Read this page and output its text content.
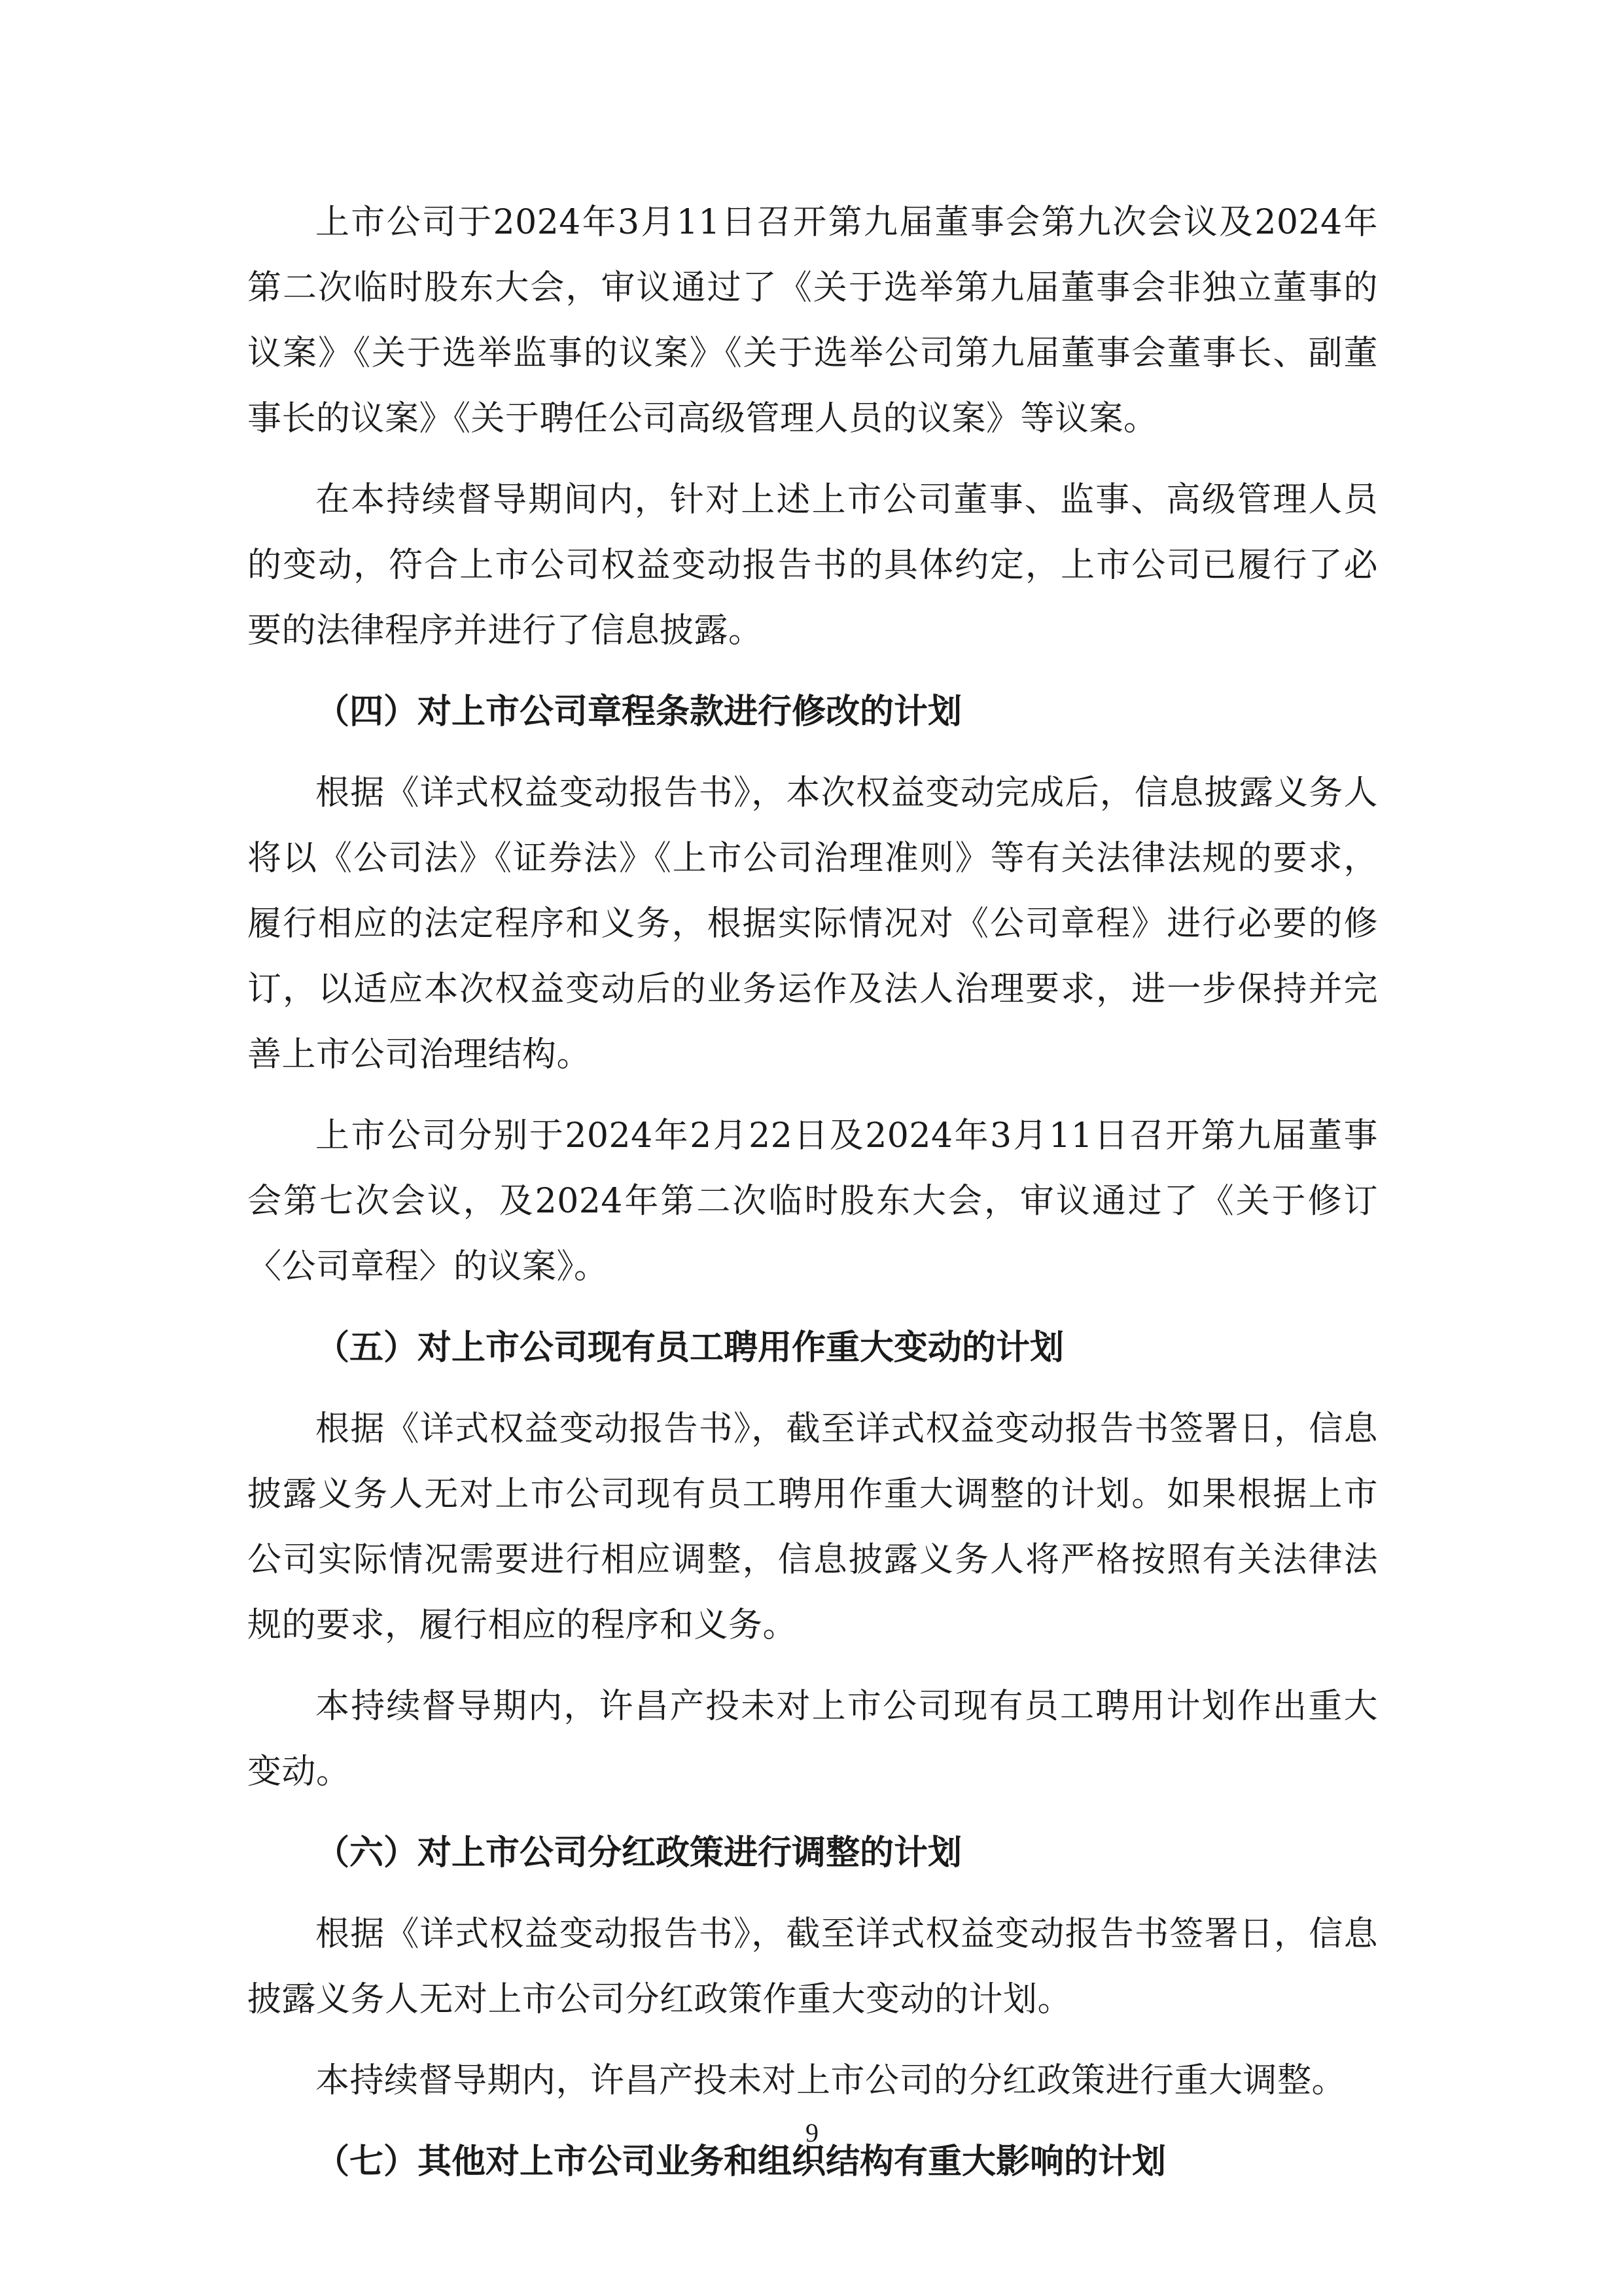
上市公司于2024年3月11日召开第九届董事会第九次会议及2024年第二次临时股东大会，审议通过了《关于选举第九届董事会非独立董事的议案》《关于选举监事的议案》《关于选举公司第九届董事会董事长、副董事长的议案》《关于聘任公司高级管理人员的议案》等议案。

在本持续督导期间内，针对上述上市公司董事、监事、高级管理人员的变动，符合上市公司权益变动报告书的具体约定，上市公司已履行了必要的法律程序并进行了信息披露。

（四）对上市公司章程条款进行修改的计划

根据《详式权益变动报告书》，本次权益变动完成后，信息披露义务人将以《公司法》《证券法》《上市公司治理准则》等有关法律法规的要求，履行相应的法定程序和义务，根据实际情况对《公司章程》进行必要的修订，以适应本次权益变动后的业务运作及法人治理要求，进一步保持并完善上市公司治理结构。

上市公司分别于2024年2月22日及2024年3月11日召开第九届董事会第七次会议，及2024年第二次临时股东大会，审议通过了《关于修订〈公司章程〉的议案》。

（五）对上市公司现有员工聘用作重大变动的计划

根据《详式权益变动报告书》，截至详式权益变动报告书签署日，信息披露义务人无对上市公司现有员工聘用作重大调整的计划。如果根据上市公司实际情况需要进行相应调整，信息披露义务人将严格按照有关法律法规的要求，履行相应的程序和义务。

本持续督导期内，许昌产投未对上市公司现有员工聘用计划作出重大变动。

（六）对上市公司分红政策进行调整的计划

根据《详式权益变动报告书》，截至详式权益变动报告书签署日，信息披露义务人无对上市公司分红政策作重大变动的计划。

本持续督导期内，许昌产投未对上市公司的分红政策进行重大调整。

（七）其他对上市公司业务和组织结构有重大影响的计划
9
